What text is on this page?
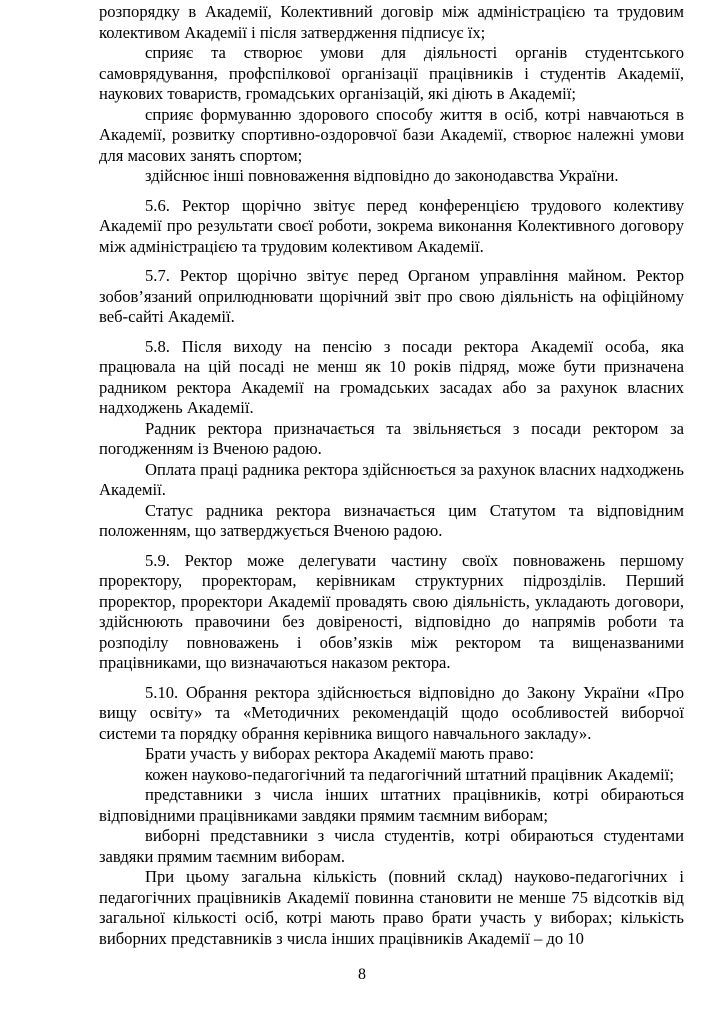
розпорядку в Академії, Колективний договір між адміністрацією та трудовим колективом Академії і після затвердження підписує їх;

сприяє та створює умови для діяльності органів студентського самоврядування, профспілкової організації працівників і студентів Академії, наукових товариств, громадських організацій, які діють в Академії;

сприяє формуванню здорового способу життя в осіб, котрі навчаються в Академії, розвитку спортивно-оздоровчої бази Академії, створює належні умови для масових занять спортом;

здійснює інші повноваження відповідно до законодавства України.

5.6. Ректор щорічно звітує перед конференцією трудового колективу Академії про результати своєї роботи, зокрема виконання Колективного договору між адміністрацією та трудовим колективом Академії.

5.7. Ректор щорічно звітує перед Органом управління майном. Ректор зобов’язаний оприлюднювати щорічний звіт про свою діяльність на офіційному веб-сайті Академії.

5.8. Після виходу на пенсію з посади ректора Академії особа, яка працювала на цій посаді не менш як 10 років підряд, може бути призначена радником ректора Академії на громадських засадах або за рахунок власних надходжень Академії.

Радник ректора призначається та звільняється з посади ректором за погодженням із Вченою радою.

Оплата праці радника ректора здійснюється за рахунок власних надходжень Академії.

Статус радника ректора визначається цим Статутом та відповідним положенням, що затверджується Вченою радою.

5.9. Ректор може делегувати частину своїх повноважень першому проректору, проректорам, керівникам структурних підрозділів. Перший проректор, проректори Академії провадять свою діяльність, укладають договори, здійснюють правочини без довіреності, відповідно до напрямів роботи та розподілу повноважень і обов’язків між ректором та вищеназваними працівниками, що визначаються наказом ректора.

5.10. Обрання ректора здійснюється відповідно до Закону України «Про вищу освіту» та «Методичних рекомендацій щодо особливостей виборчої системи та порядку обрання керівника вищого навчального закладу».

Брати участь у виборах ректора Академії мають право:

кожен науково-педагогічний та педагогічний штатний працівник Академії;

представники з числа інших штатних працівників, котрі обираються відповідними працівниками завдяки прямим таємним виборам;

виборні представники з числа студентів, котрі обираються студентами завдяки прямим таємним виборам.

При цьому загальна кількість (повний склад) науково-педагогічних і педагогічних працівників Академії повинна становити не менше 75 відсотків від загальної кількості осіб, котрі мають право брати участь у виборах; кількість виборних представників з числа інших працівників Академії – до 10

8
